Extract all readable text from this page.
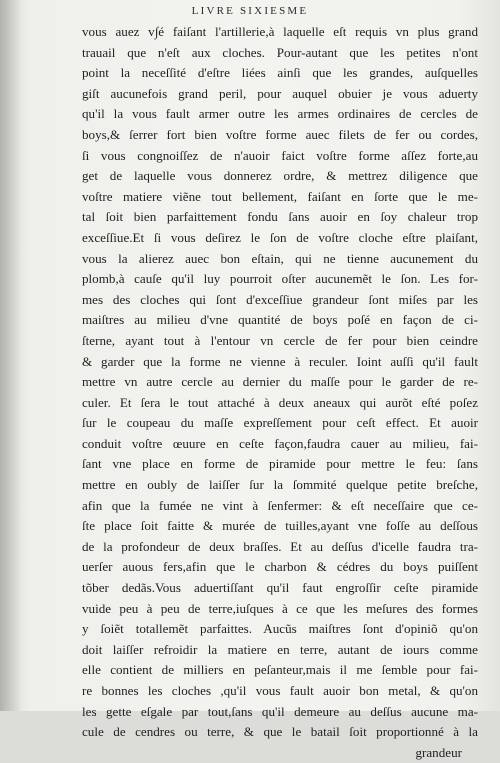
LIVRE SIXIESME
vous auez v∫é faiſant l'artillerie,à laquelle eſt requis vn plus grand
trauail que n'eſt aux cloches. Pour-autant que les petites n'ont
point la neceſſité d'eſtre liées ainſi que les grandes, auſquelles
giſt aucunefois grand peril, pour auquel obuier je vous aduerty
qu'il la vous fault armer outre les armes ordinaires de cercles de
boys,& ſerrer fort bien voſtre forme auec filets de fer ou cordes,
ſi vous congnoiſſez de n'auoir faict voſtre forme aſſez forte,au
get de laquelle vous donnerez ordre, & mettrez diligence que
voſtre matiere viẽne tout bellement, faiſant en ſorte que le me-
tal ſoit bien parfaittement fondu ſans auoir en ſoy chaleur trop
exceſſiue.Et ſi vous deſirez le ſon de voſtre cloche eſtre plaiſant,
vous la alierez auec bon eſtain, qui ne tienne aucunement du
plomb,à cauſe qu'il luy pourroit oſter aucunemẽt le ſon. Les for-
mes des cloches qui ſont d'exceſſiue grandeur ſont miſes par les
maiſtres au milieu d'vne quantité de boys poſé en façon de ci-
ſterne, ayant tout à l'entour vn cercle de fer pour bien ceindre
& garder que la forme ne vienne à reculer. Ioint auſſi qu'il fault
mettre vn autre cercle au dernier du maſſe pour le garder de re-
culer. Et ſera le tout attaché à deux aneaux qui aurõt eſté poſez
ſur le coupeau du maſſe expreſſement pour ceſt effect. Et auoir
conduit voſtre œuure en ceſte façon,faudra cauer au milieu, fai-
ſant vne place en forme de piramide pour mettre le feu: ſans
mettre en oubly de laiſſer ſur la ſommité quelque petite breſche,
afin que la fumée ne vint à ſenfermer: & eſt neceſſaire que ce-
ſte place ſoit faitte & murée de tuilles,ayant vne foſſe au deſſous
de la profondeur de deux braſſes. Et au deſſus d'icelle faudra tra-
uerſer auous fers,afin que le charbon & cédres du boys puiſſent
tõber dedãs.Vous aduertiſſant qu'il faut engroſſir ceſte piramide
vuide peu à peu de terre,iuſques à ce que les meſures des formes
y ſoiẽt totallemẽt parfaittes. Aucũs maiſtres ſont d'opiniõ qu'on
doit laiſſer refroidir la matiere en terre, autant de iours comme
elle contient de milliers en peſanteur,mais il me ſemble pour fai-
re bonnes les cloches ,qu'il vous fault auoir bon metal, & qu'on
les gette eſgale par tout,ſans qu'il demeure au deſſus aucune ma-
cule de cendres ou terre, & que le batail ſoit proportionné à la
grandeur
